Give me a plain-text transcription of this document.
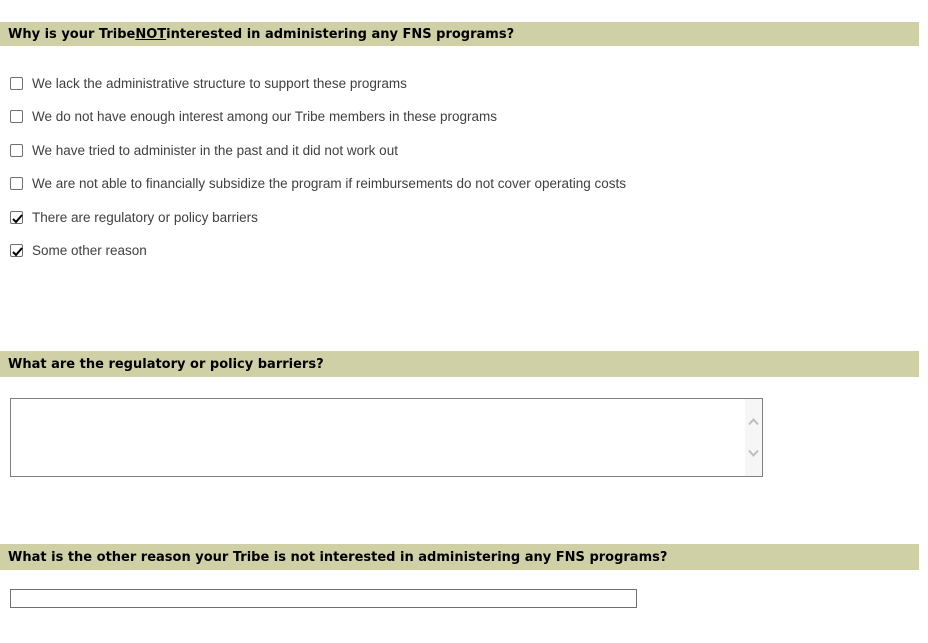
Why is your Tribe NOT interested in administering any FNS programs?
We lack the administrative structure to support these programs
We do not have enough interest among our Tribe members in these programs
We have tried to administer in the past and it did not work out
We are not able to financially subsidize the program if reimbursements do not cover operating costs
There are regulatory or policy barriers
Some other reason
What are the regulatory or policy barriers?
What is the other reason your Tribe is not interested in administering any FNS programs?
